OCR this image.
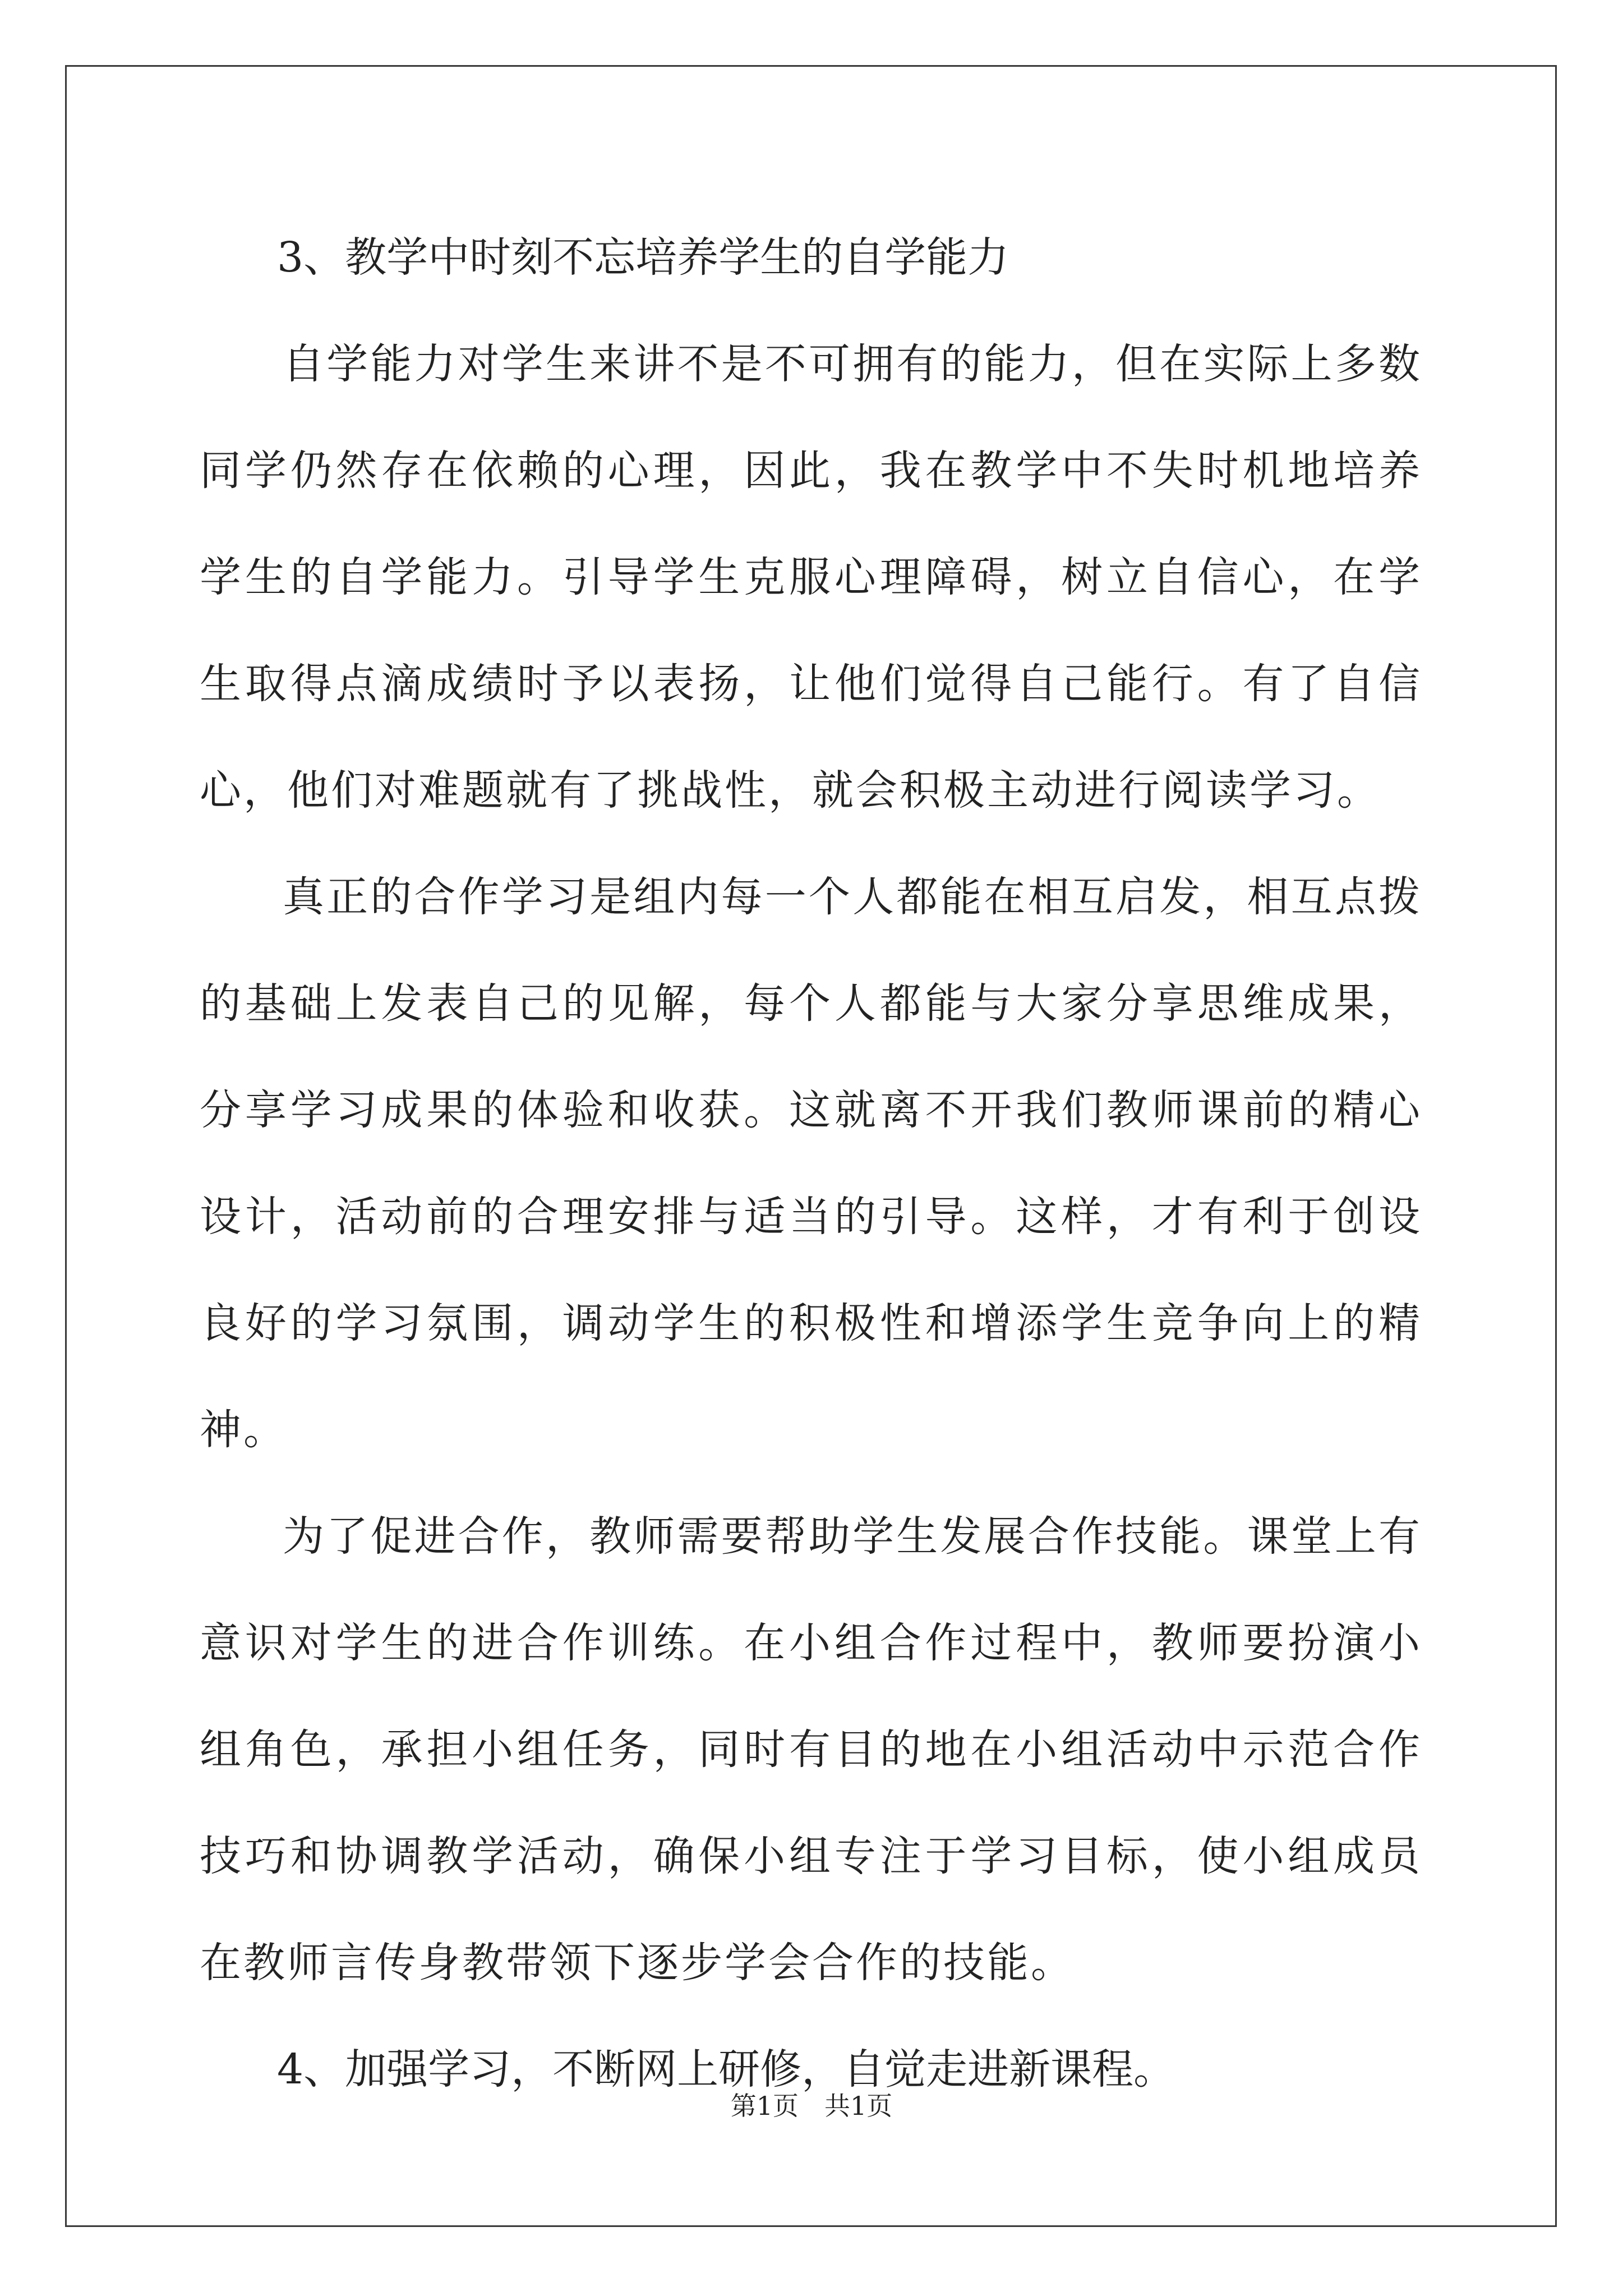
3、教学中时刻不忘培养学生的自学能力

自学能力对学生来讲不是不可拥有的能力，但在实际上多数同学仍然存在依赖的心理，因此，我在教学中不失时机地培养学生的自学能力。引导学生克服心理障碍，树立自信心，在学生取得点滴成绩时予以表扬，让他们觉得自己能行。有了自信心，他们对难题就有了挑战性，就会积极主动进行阅读学习。

真正的合作学习是组内每一个人都能在相互启发，相互点拨的基础上发表自己的见解，每个人都能与大家分享思维成果，分享学习成果的体验和收获。这就离不开我们教师课前的精心设计，活动前的合理安排与适当的引导。这样，才有利于创设良好的学习氛围，调动学生的积极性和增添学生竞争向上的精神。

为了促进合作，教师需要帮助学生发展合作技能。课堂上有意识对学生的进合作训练。在小组合作过程中，教师要扮演小组角色，承担小组任务，同时有目的地在小组活动中示范合作技巧和协调教学活动，确保小组专注于学习目标，使小组成员在教师言传身教带领下逐步学会合作的技能。

4、加强学习，不断网上研修，自觉走进新课程。

第1页　共1页
